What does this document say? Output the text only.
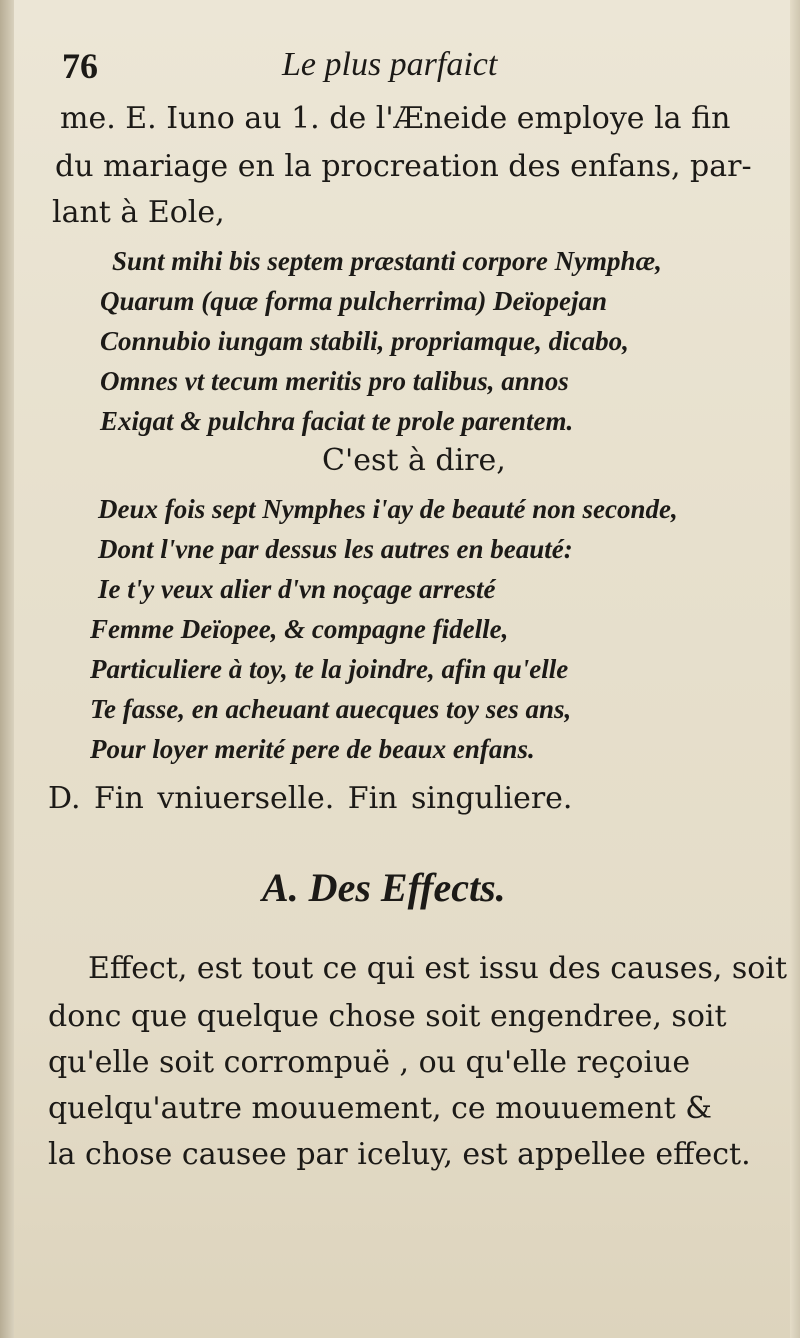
76	Le plus parfaict
me. E. Iuno au 1. de l'Æneide employe la fin
du mariage en la procreation des enfans, par-
lant à Eole,
Sunt mihi bis septem præstanti corpore Nymphæ,
Quarum (quæ forma pulcherrima) Deïopejan
Connubio iungam stabili, propriamque, dicabo,
Omnes vt tecum meritis pro talibus, annos
Exigat & pulchra faciat te prole parentem.
C'est à dire,
Deux fois sept Nymphes i'ay de beauté non seconde,
Dont l'vne par dessus les autres en beauté:
Ie t'y veux alier d'vn noçage arresté
Femme Deïopee, & compagne fidelle,
Particuliere à toy, te la joindre, afin qu'elle
Te fasse, en acheuant auecques toy ses ans,
Pour loyer merité pere de beaux enfans.
D. Fin vniuerselle. Fin singuliere.
A. Des Effects.
Effect, est tout ce qui est issu des causes, soit
donc que quelque chose soit engendree, soit
qu'elle soit corrompuë , ou qu'elle reçoiue
quelqu'autre mouuement, ce mouuement &
la chose causee par iceluy, est appellee effect.
